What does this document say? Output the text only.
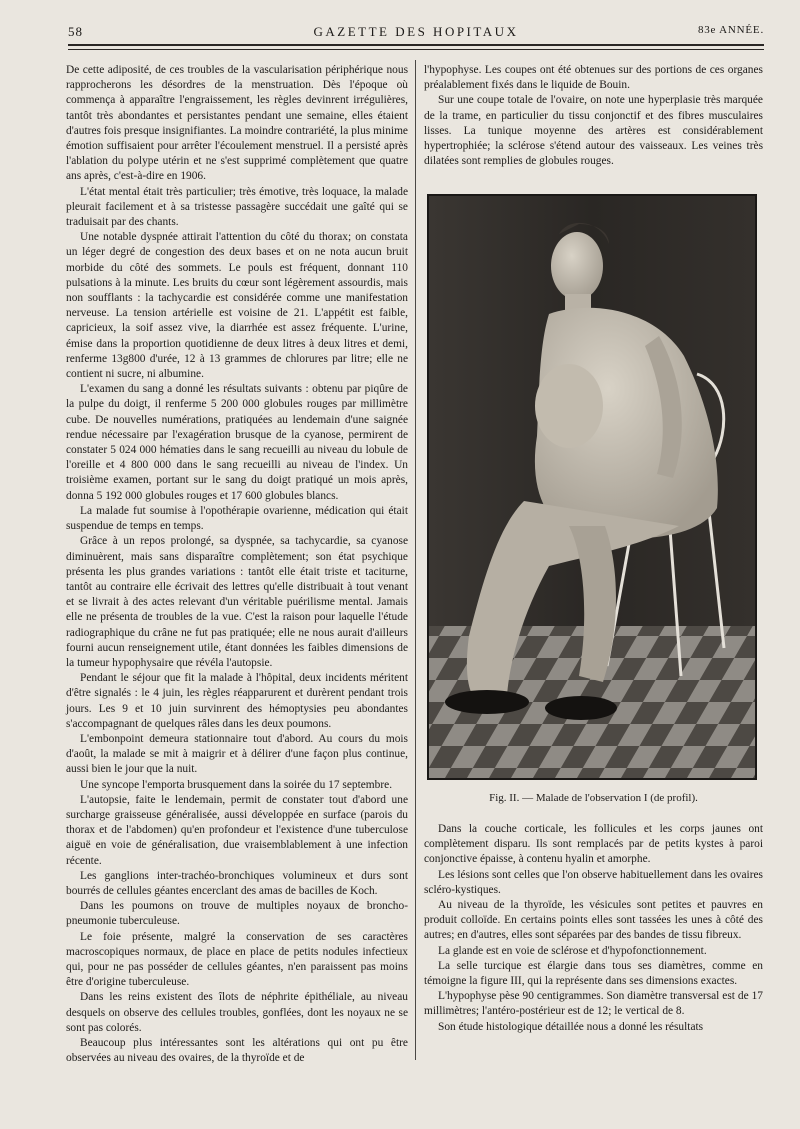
58	GAZETTE DES HOPITAUX	83e ANNÉE.

De cette adiposité, de ces troubles de la vascularisation périphérique nous rapprocherons les désordres de la menstruation. Dès l'époque où commença à apparaître l'engraissement, les règles devinrent irrégulières, tantôt très abondantes et persistantes pendant une semaine, elles étaient d'autres fois presque insignifiantes. La moindre contrariété, la plus minime émotion suffisaient pour arrêter l'écoulement menstruel. Il a persisté après l'ablation du polype utérin et ne s'est supprimé complètement que quatre ans après, c'est-à-dire en 1906.

L'état mental était très particulier; très émotive, très loquace, la malade pleurait facilement et à sa tristesse passagère succédait une gaîté qui se traduisait par des chants.

Une notable dyspnée attirait l'attention du côté du thorax; on constata un léger degré de congestion des deux bases et on ne nota aucun bruit morbide du côté des sommets. Le pouls est fréquent, donnant 110 pulsations à la minute. Les bruits du cœur sont légèrement assourdis, mais non soufflants : la tachycardie est considérée comme une manifestation nerveuse. La tension artérielle est voisine de 21. L'appétit est faible, capricieux, la soif assez vive, la diarrhée est assez fréquente. L'urine, émise dans la proportion quotidienne de deux litres à deux litres et demi, renferme 13g800 d'urée, 12 à 13 grammes de chlorures par litre; elle ne contient ni sucre, ni albumine.

L'examen du sang a donné les résultats suivants : obtenu par piqûre de la pulpe du doigt, il renferme 5 200 000 globules rouges par millimètre cube. De nouvelles numérations, pratiquées au lendemain d'une saignée rendue nécessaire par l'exagération brusque de la cyanose, permirent de constater 5 024 000 hématies dans le sang recueilli au niveau du lobule de l'oreille et 4 800 000 dans le sang recueilli au niveau de l'index. Un troisième examen, portant sur le sang du doigt pratiqué un mois après, donna 5 192 000 globules rouges et 17 600 globules blancs.

La malade fut soumise à l'opothérapie ovarienne, médication qui était suspendue de temps en temps.

Grâce à un repos prolongé, sa dyspnée, sa tachycardie, sa cyanose diminuèrent, mais sans disparaître complètement; son état psychique présenta les plus grandes variations : tantôt elle était triste et taciturne, tantôt au contraire elle écrivait des lettres qu'elle distribuait à tout venant et se livrait à des actes relevant d'un véritable puérilisme mental. Jamais elle ne présenta de troubles de la vue. C'est la raison pour laquelle l'étude radiographique du crâne ne fut pas pratiquée; elle ne nous aurait d'ailleurs fourni aucun renseignement utile, étant données les faibles dimensions de la tumeur hypophysaire que révéla l'autopsie.

Pendant le séjour que fit la malade à l'hôpital, deux incidents méritent d'être signalés : le 4 juin, les règles réapparurent et durèrent pendant trois jours. Les 9 et 10 juin survinrent des hémoptysies peu abondantes s'accompagnant de quelques râles dans les deux poumons.

L'embonpoint demeura stationnaire tout d'abord. Au cours du mois d'août, la malade se mit à maigrir et à délirer d'une façon plus continue, aussi bien le jour que la nuit.

Une syncope l'emporta brusquement dans la soirée du 17 septembre.

L'autopsie, faite le lendemain, permit de constater tout d'abord une surcharge graisseuse généralisée, aussi développée en surface (parois du thorax et de l'abdomen) qu'en profondeur et l'existence d'une tuberculose aiguë en voie de généralisation, due vraisemblablement à une infection récente.

Les ganglions inter-trachéo-bronchiques volumineux et durs sont bourrés de cellules géantes encerclant des amas de bacilles de Koch.

Dans les poumons on trouve de multiples noyaux de broncho-pneumonie tuberculeuse.

Le foie présente, malgré la conservation de ses caractères macroscopiques normaux, de place en place de petits nodules infectieux qui, pour ne pas posséder de cellules géantes, n'en paraissent pas moins être d'origine tuberculeuse.

Dans les reins existent des îlots de néphrite épithéliale, au niveau desquels on observe des cellules troubles, gonflées, dont les noyaux ne se sont pas colorés.

Beaucoup plus intéressantes sont les altérations qui ont pu être observées au niveau des ovaires, de la thyroïde et de

l'hypophyse. Les coupes ont été obtenues sur des portions de ces organes préalablement fixés dans le liquide de Bouin.

Sur une coupe totale de l'ovaire, on note une hyperplasie très marquée de la trame, en particulier du tissu conjonctif et des fibres musculaires lisses. La tunique moyenne des artères est considérablement hypertrophiée; la sclérose s'étend autour des vaisseaux. Les veines très dilatées sont remplies de globules rouges.

Fig. II. — Malade de l'observation I (de profil).

Dans la couche corticale, les follicules et les corps jaunes ont complètement disparu. Ils sont remplacés par de petits kystes à paroi conjonctive épaisse, à contenu hyalin et amorphe.

Les lésions sont celles que l'on observe habituellement dans les ovaires scléro-kystiques.

Au niveau de la thyroïde, les vésicules sont petites et pauvres en produit colloïde. En certains points elles sont tassées les unes à côté des autres; en d'autres, elles sont séparées par des bandes de tissu fibreux.

La glande est en voie de sclérose et d'hypofonctionnement.

La selle turcique est élargie dans tous ses diamètres, comme en témoigne la figure III, qui la représente dans ses dimensions exactes.

L'hypophyse pèse 90 centigrammes. Son diamètre transversal est de 17 millimètres; l'antéro-postérieur est de 12; le vertical de 8.

Son étude histologique détaillée nous a donné les résultats
